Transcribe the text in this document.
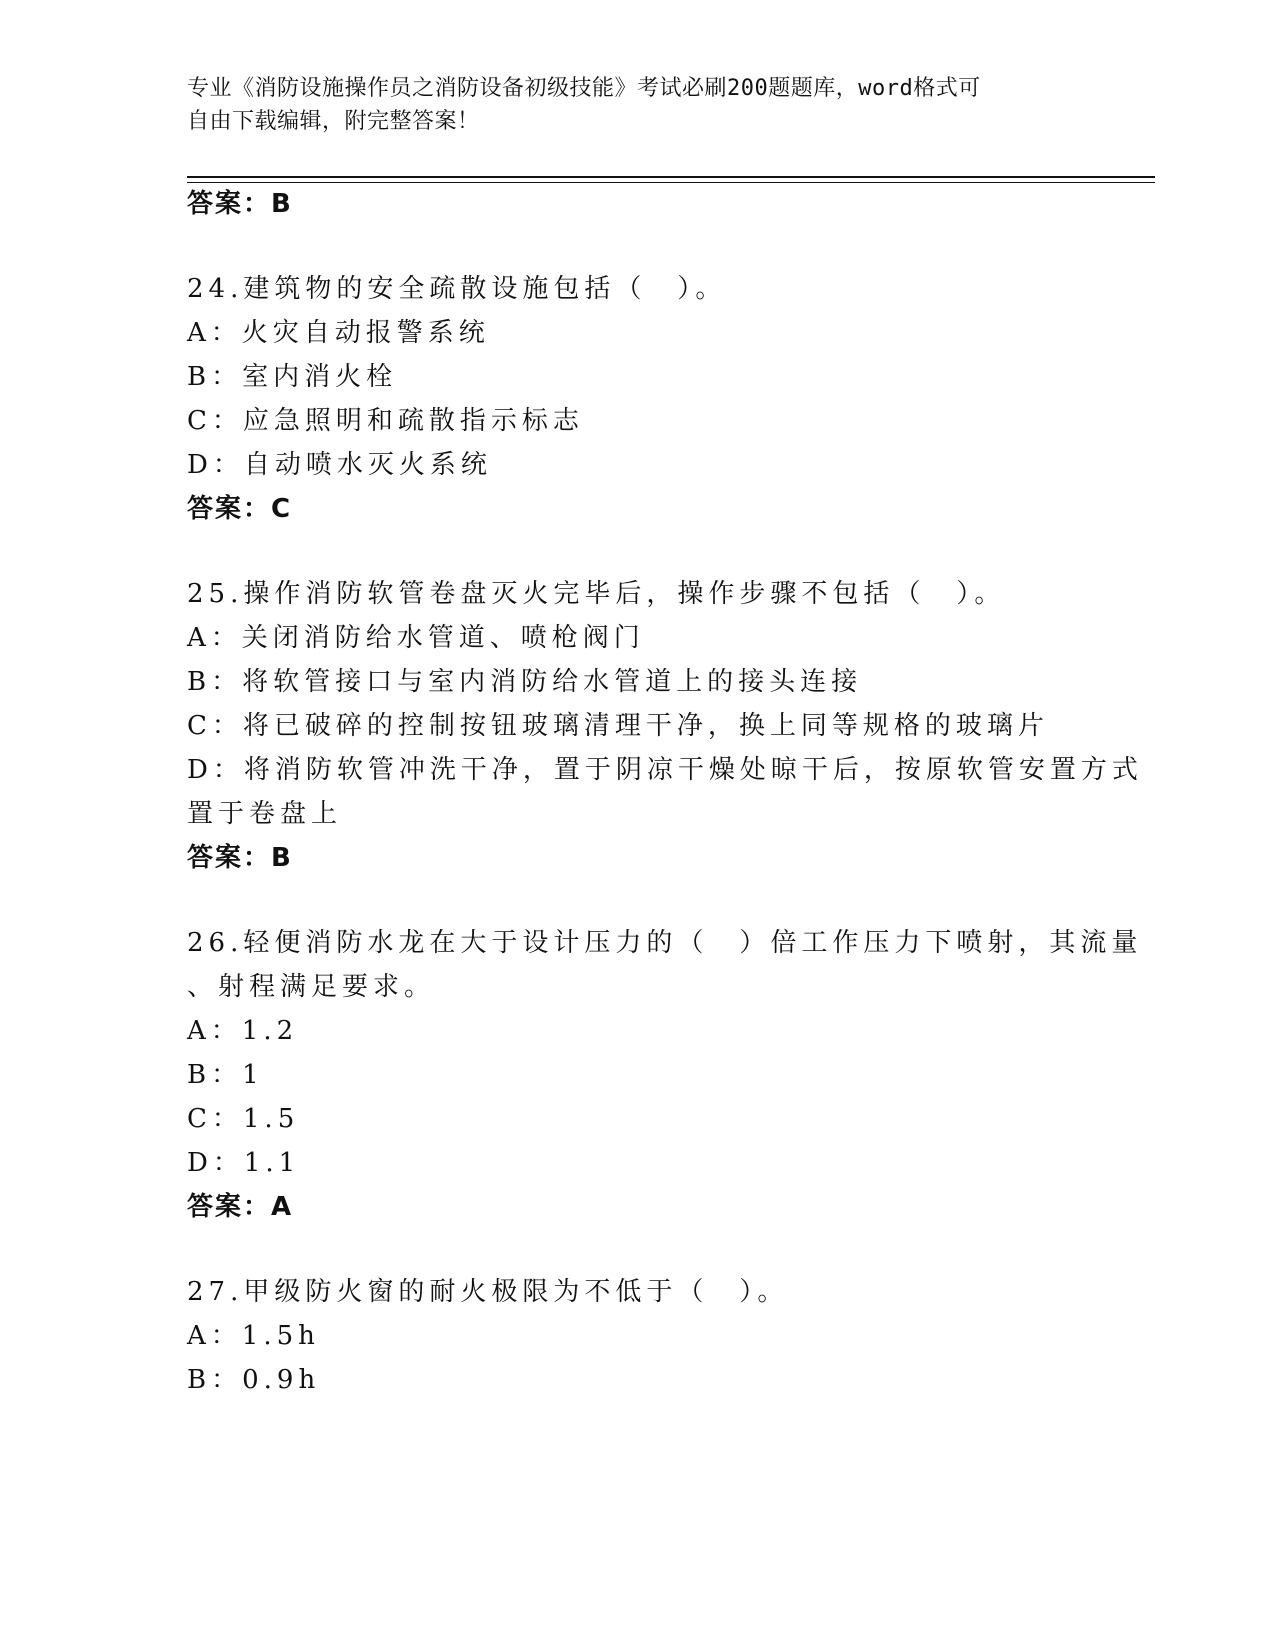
专业《消防设施操作员之消防设备初级技能》考试必刷200题题库，word格式可
自由下载编辑，附完整答案！
答案：B
24.建筑物的安全疏散设施包括（　）。
A：火灾自动报警系统
B：室内消火栓
C：应急照明和疏散指示标志
D：自动喷水灭火系统
答案：C
25.操作消防软管卷盘灭火完毕后，操作步骤不包括（　）。
A：关闭消防给水管道、喷枪阀门
B：将软管接口与室内消防给水管道上的接头连接
C：将已破碎的控制按钮玻璃清理干净，换上同等规格的玻璃片
D：将消防软管冲洗干净，置于阴凉干燥处晾干后，按原软管安置方式
置于卷盘上
答案：B
26.轻便消防水龙在大于设计压力的（　）倍工作压力下喷射，其流量
、射程满足要求。
A：1.2
B：1
C：1.5
D：1.1
答案：A
27.甲级防火窗的耐火极限为不低于（　）。
A：1.5h
B：0.9h
